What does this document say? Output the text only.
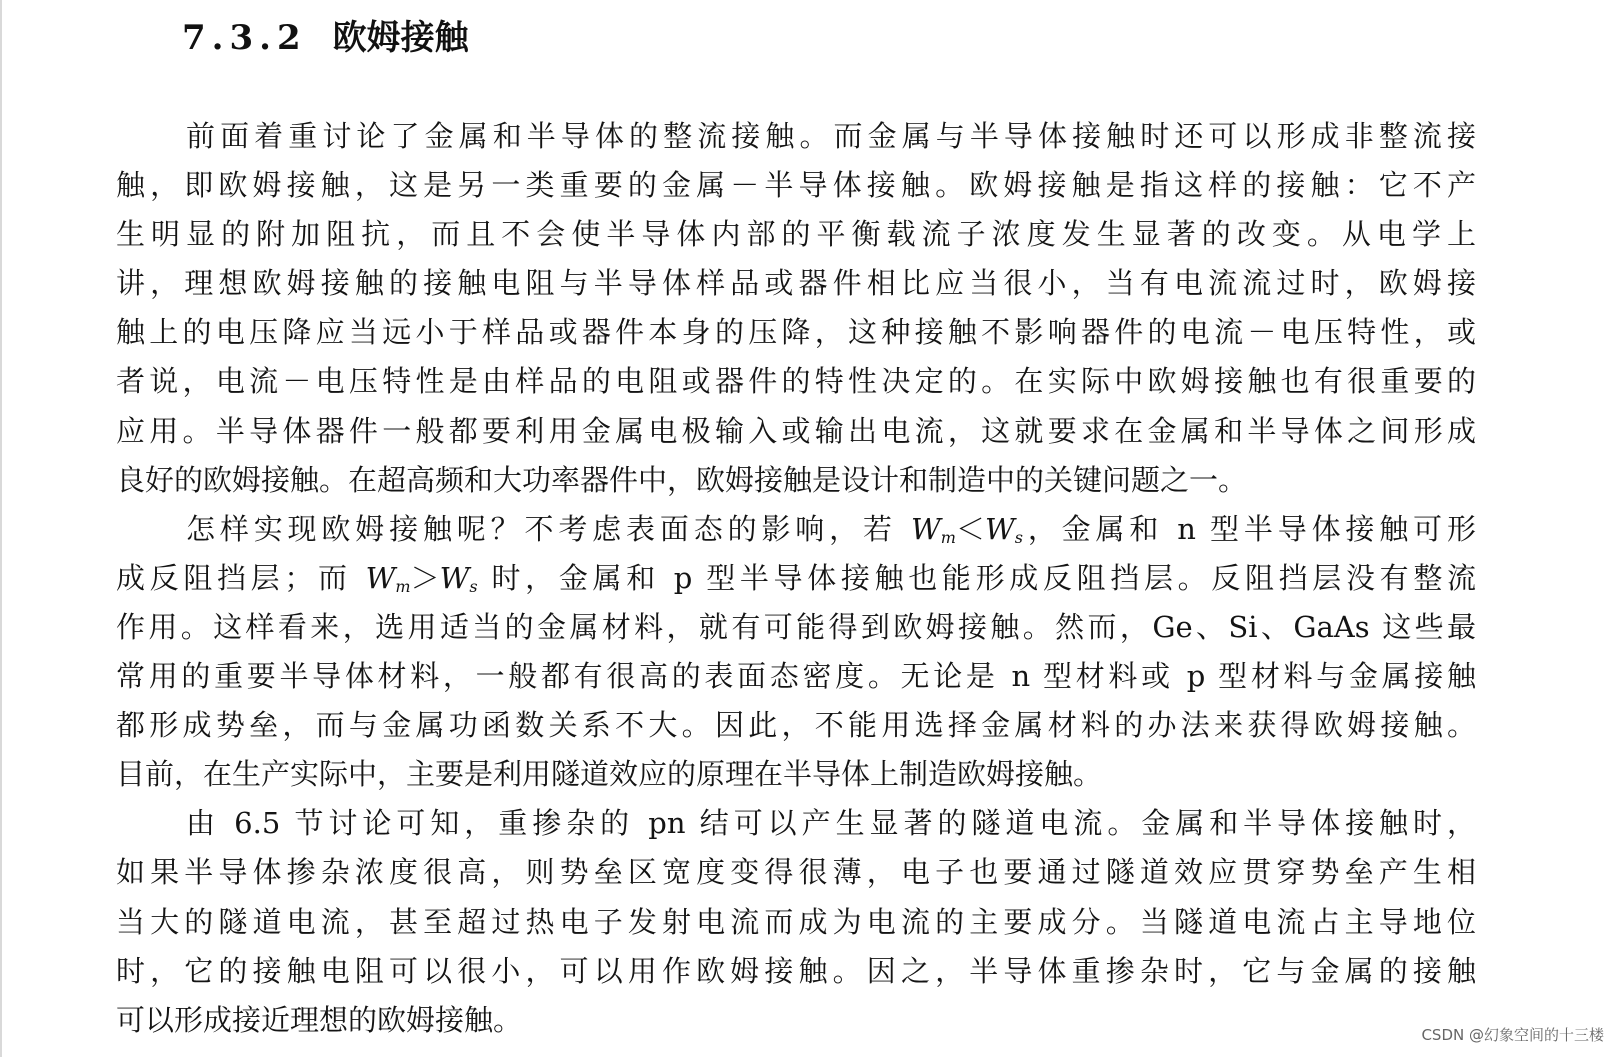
7.3.2 欧姆接触
前面着重讨论了金属和半导体的整流接触。而金属与半导体接触时还可以形成非整流接
触，即欧姆接触，这是另一类重要的金属－半导体接触。欧姆接触是指这样的接触：它不产
生明显的附加阻抗，而且不会使半导体内部的平衡载流子浓度发生显著的改变。从电学上
讲，理想欧姆接触的接触电阻与半导体样品或器件相比应当很小，当有电流流过时，欧姆接
触上的电压降应当远小于样品或器件本身的压降，这种接触不影响器件的电流－电压特性，或
者说，电流－电压特性是由样品的电阻或器件的特性决定的。在实际中欧姆接触也有很重要的
应用。半导体器件一般都要利用金属电极输入或输出电流，这就要求在金属和半导体之间形成
良好的欧姆接触。在超高频和大功率器件中，欧姆接触是设计和制造中的关键问题之一。
怎样实现欧姆接触呢？不考虑表面态的影响，若 $W_m<W_s$，金属和 n 型半导体接触可形
成反阻挡层；而 $W_m>W_s$ 时，金属和 p 型半导体接触也能形成反阻挡层。反阻挡层没有整流
作用。这样看来，选用适当的金属材料，就有可能得到欧姆接触。然而，Ge、Si、GaAs 这些最
常用的重要半导体材料，一般都有很高的表面态密度。无论是 n 型材料或 p 型材料与金属接触
都形成势垒，而与金属功函数关系不大。因此，不能用选择金属材料的办法来获得欧姆接触。
目前，在生产实际中，主要是利用隧道效应的原理在半导体上制造欧姆接触。
由 6.5 节讨论可知，重掺杂的 pn 结可以产生显著的隧道电流。金属和半导体接触时，
如果半导体掺杂浓度很高，则势垒区宽度变得很薄，电子也要通过隧道效应贯穿势垒产生相
当大的隧道电流，甚至超过热电子发射电流而成为电流的主要成分。当隧道电流占主导地位
时，它的接触电阻可以很小，可以用作欧姆接触。因之，半导体重掺杂时，它与金属的接触
可以形成接近理想的欧姆接触。	CSDN @幻象空间的十三楼
